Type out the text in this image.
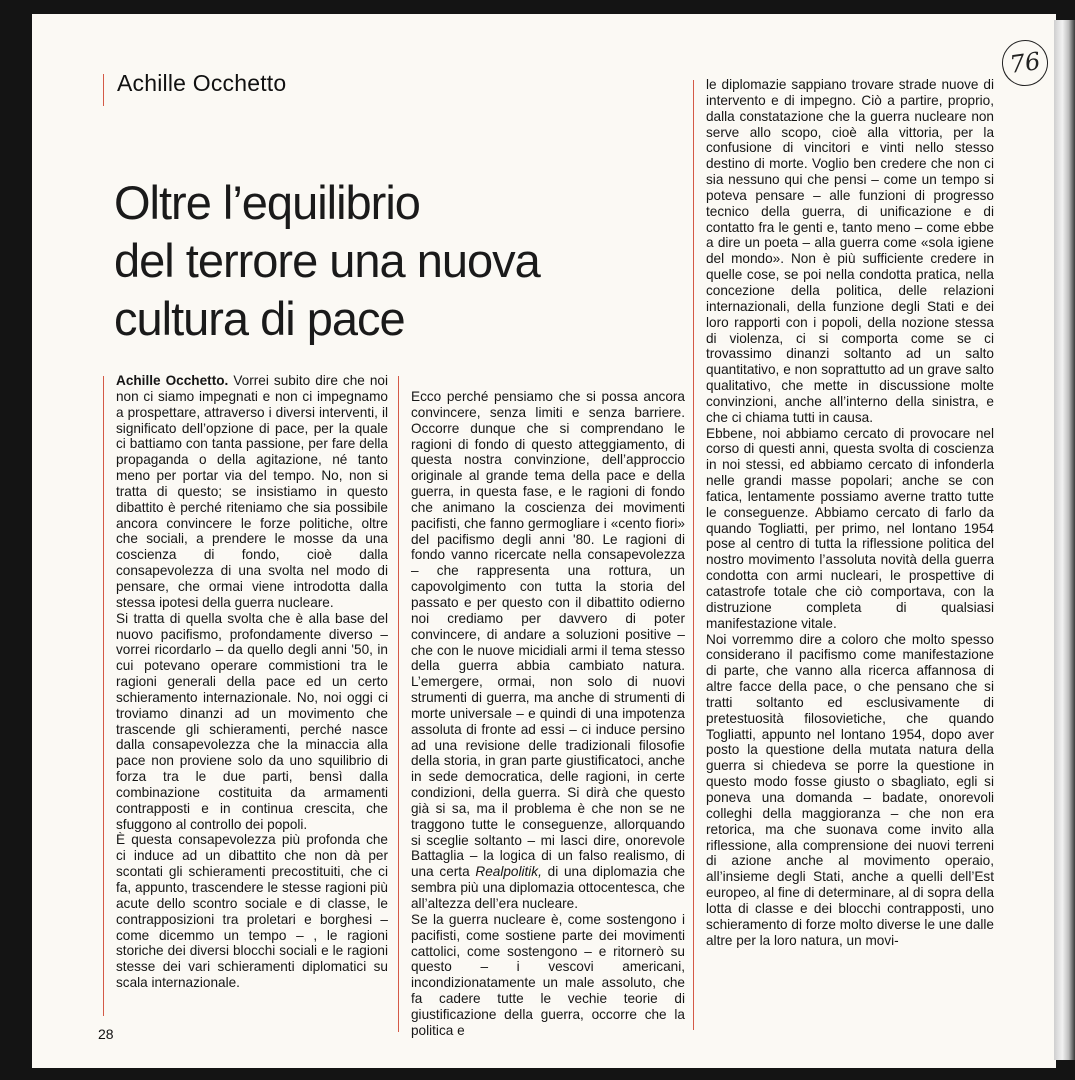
Achille Occhetto
Oltre l’equilibrio
del terrore una nuova
cultura di pace

Achille Occhetto. Vorrei subito dire che noi non ci siamo impegnati e non ci impegnamo a prospettare, attraverso i diversi interventi, il significato dell’opzione di pace, per la quale ci battiamo con tanta passione, per fare della propaganda o della agitazione, né tanto meno per portar via del tempo. No, non si tratta di questo; se insistiamo in questo dibattito è perché riteniamo che sia possibile ancora convincere le forze politiche, oltre che sociali, a prendere le mosse da una coscienza di fondo, cioè dalla consapevolezza di una svolta nel modo di pensare, che ormai viene introdotta dalla stessa ipotesi della guerra nucleare.

Si tratta di quella svolta che è alla base del nuovo pacifismo, profondamente diverso – vorrei ricordarlo – da quello degli anni '50, in cui potevano operare commistioni tra le ragioni generali della pace ed un certo schieramento internazionale. No, noi oggi ci troviamo dinanzi ad un movimento che trascende gli schieramenti, perché nasce dalla consapevolezza che la minaccia alla pace non proviene solo da uno squilibrio di forza tra le due parti, bensì dalla combinazione costituita da armamenti contrapposti e in continua crescita, che sfuggono al controllo dei popoli.

È questa consapevolezza più profonda che ci induce ad un dibattito che non dà per scontati gli schieramenti precostituiti, che ci fa, appunto, trascendere le stesse ragioni più acute dello scontro sociale e di classe, le contrapposizioni tra proletari e borghesi – come dicemmo un tempo – , le ragioni storiche dei diversi blocchi sociali e le ragioni stesse dei vari schieramenti diplomatici su scala internazionale.

Ecco perché pensiamo che si possa ancora convincere, senza limiti e senza barriere. Occorre dunque che si comprendano le ragioni di fondo di questo atteggiamento, di questa nostra convinzione, dell’approccio originale al grande tema della pace e della guerra, in questa fase, e le ragioni di fondo che animano la coscienza dei movimenti pacifisti, che fanno germogliare i «cento fiori» del pacifismo degli anni '80. Le ragioni di fondo vanno ricercate nella consapevolezza – che rappresenta una rottura, un capovolgimento con tutta la storia del passato e per questo con il dibattito odierno noi crediamo per davvero di poter convincere, di andare a soluzioni positive – che con le nuove micidiali armi il tema stesso della guerra abbia cambiato natura. L’emergere, ormai, non solo di nuovi strumenti di guerra, ma anche di strumenti di morte universale – e quindi di una impotenza assoluta di fronte ad essi – ci induce persino ad una revisione delle tradizionali filosofie della storia, in gran parte giustificatoci, anche in sede democratica, delle ragioni, in certe condizioni, della guerra. Si dirà che questo già si sa, ma il problema è che non se ne traggono tutte le conseguenze, allorquando si sceglie soltanto – mi lasci dire, onorevole Battaglia – la logica di un falso realismo, di una certa Realpolitik, di una diplomazia che sembra più una diplomazia ottocentesca, che all’altezza dell’era nucleare.

Se la guerra nucleare è, come sostengono i pacifisti, come sostiene parte dei movimenti cattolici, come sostengono – e ritornerò su questo – i vescovi americani, incondizionatamente un male assoluto, che fa cadere tutte le vechie teorie di giustificazione della guerra, occorre che la politica e

le diplomazie sappiano trovare strade nuove di intervento e di impegno. Ciò a partire, proprio, dalla constatazione che la guerra nucleare non serve allo scopo, cioè alla vittoria, per la confusione di vincitori e vinti nello stesso destino di morte. Voglio ben credere che non ci sia nessuno qui che pensi – come un tempo si poteva pensare – alle funzioni di progresso tecnico della guerra, di unificazione e di contatto fra le genti e, tanto meno – come ebbe a dire un poeta – alla guerra come «sola igiene del mondo». Non è più sufficiente credere in quelle cose, se poi nella condotta pratica, nella concezione della politica, delle relazioni internazionali, della funzione degli Stati e dei loro rapporti con i popoli, della nozione stessa di violenza, ci si comporta come se ci trovassimo dinanzi soltanto ad un salto quantitativo, e non soprattutto ad un grave salto qualitativo, che mette in discussione molte convinzioni, anche all’interno della sinistra, e che ci chiama tutti in causa.

Ebbene, noi abbiamo cercato di provocare nel corso di questi anni, questa svolta di coscienza in noi stessi, ed abbiamo cercato di infonderla nelle grandi masse popolari; anche se con fatica, lentamente possiamo averne tratto tutte le conseguenze. Abbiamo cercato di farlo da quando Togliatti, per primo, nel lontano 1954 pose al centro di tutta la riflessione politica del nostro movimento l’assoluta novità della guerra condotta con armi nucleari, le prospettive di catastrofe totale che ciò comportava, con la distruzione completa di qualsiasi manifestazione vitale.

Noi vorremmo dire a coloro che molto spesso considerano il pacifismo come manifestazione di parte, che vanno alla ricerca affannosa di altre facce della pace, o che pensano che si tratti soltanto ed esclusivamente di pretestuosità filosovietiche, che quando Togliatti, appunto nel lontano 1954, dopo aver posto la questione della mutata natura della guerra si chiedeva se porre la questione in questo modo fosse giusto o sbagliato, egli si poneva una domanda – badate, onorevoli colleghi della maggioranza – che non era retorica, ma che suonava come invito alla riflessione, alla comprensione dei nuovi terreni di azione anche al movimento operaio, all’insieme degli Stati, anche a quelli dell’Est europeo, al fine di determinare, al di sopra della lotta di classe e dei blocchi contrapposti, uno schieramento di forze molto diverse le une dalle altre per la loro natura, un movi-

28
76
